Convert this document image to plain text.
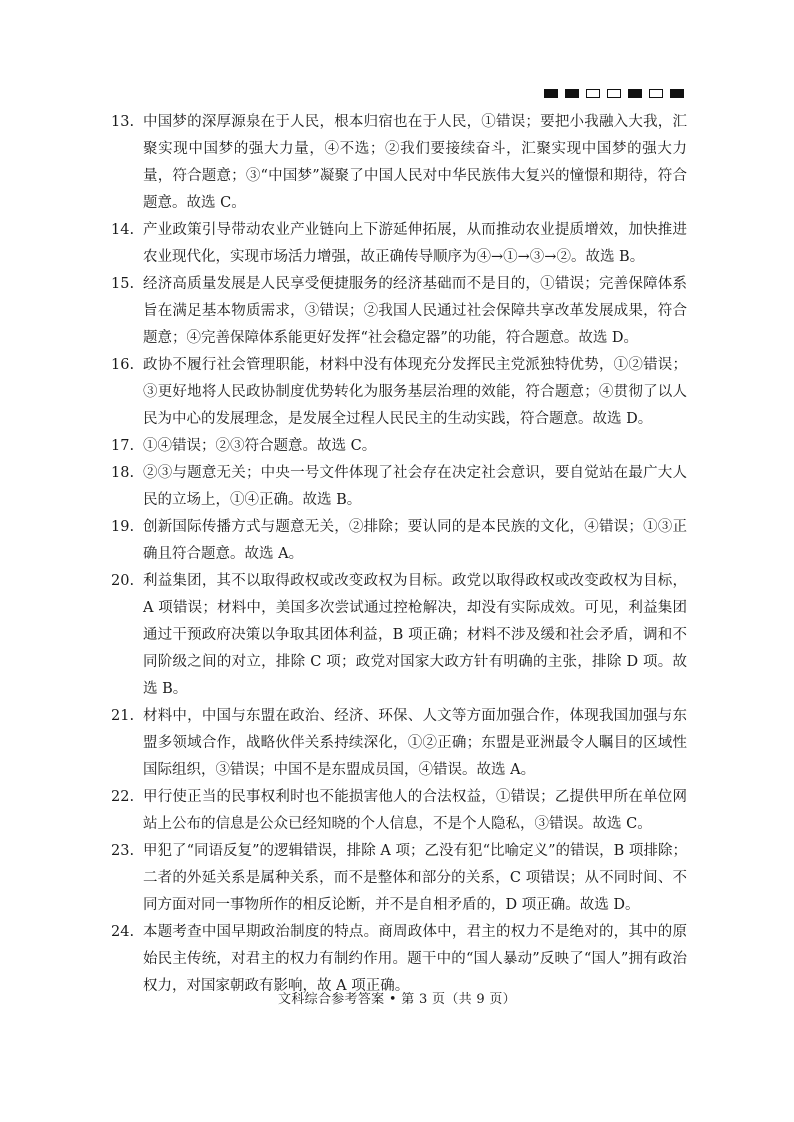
13. 中国梦的深厚源泉在于人民，根本归宿也在于人民，①错误；要把小我融入大我，汇聚实现中国梦的强大力量，④不选；②我们要接续奋斗，汇聚实现中国梦的强大力量，符合题意；③“中国梦”凝聚了中国人民对中华民族伟大复兴的憧憬和期待，符合题意。故选 C。
14. 产业政策引导带动农业产业链向上下游延伸拓展，从而推动农业提质增效，加快推进农业现代化，实现市场活力增强，故正确传导顺序为④→①→③→②。故选 B。
15. 经济高质量发展是人民享受便捷服务的经济基础而不是目的，①错误；完善保障体系旨在满足基本物质需求，③错误；②我国人民通过社会保障共享改革发展成果，符合题意；④完善保障体系能更好发挥“社会稳定器”的功能，符合题意。故选 D。
16. 政协不履行社会管理职能，材料中没有体现充分发挥民主党派独特优势，①②错误；③更好地将人民政协制度优势转化为服务基层治理的效能，符合题意；④贯彻了以人民为中心的发展理念，是发展全过程人民民主的生动实践，符合题意。故选 D。
17. ①④错误；②③符合题意。故选 C。
18. ②③与题意无关；中央一号文件体现了社会存在决定社会意识，要自觉站在最广大人民的立场上，①④正确。故选 B。
19. 创新国际传播方式与题意无关，②排除；要认同的是本民族的文化，④错误；①③正确且符合题意。故选 A。
20. 利益集团，其不以取得政权或改变政权为目标。政党以取得政权或改变政权为目标，A 项错误；材料中，美国多次尝试通过控枪解决，却没有实际成效。可见，利益集团通过干预政府决策以争取其团体利益，B 项正确；材料不涉及缓和社会矛盾，调和不同阶级之间的对立，排除 C 项；政党对国家大政方针有明确的主张，排除 D 项。故选 B。
21. 材料中，中国与东盟在政治、经济、环保、人文等方面加强合作，体现我国加强与东盟多领域合作，战略伙伴关系持续深化，①②正确；东盟是亚洲最令人瞩目的区域性国际组织，③错误；中国不是东盟成员国，④错误。故选 A。
22. 甲行使正当的民事权利时也不能损害他人的合法权益，①错误；乙提供甲所在单位网站上公布的信息是公众已经知晓的个人信息，不是个人隐私，③错误。故选 C。
23. 甲犯了“同语反复”的逻辑错误，排除 A 项；乙没有犯“比喻定义”的错误，B 项排除；二者的外延关系是属种关系，而不是整体和部分的关系，C 项错误；从不同时间、不同方面对同一事物所作的相反论断，并不是自相矛盾的，D 项正确。故选 D。
24. 本题考查中国早期政治制度的特点。商周政体中，君主的权力不是绝对的，其中的原始民主传统，对君主的权力有制约作用。题干中的“国人暴动”反映了“国人”拥有政治权力，对国家朝政有影响，故 A 项正确。
文科综合参考答案 • 第 3 页（共 9 页）
